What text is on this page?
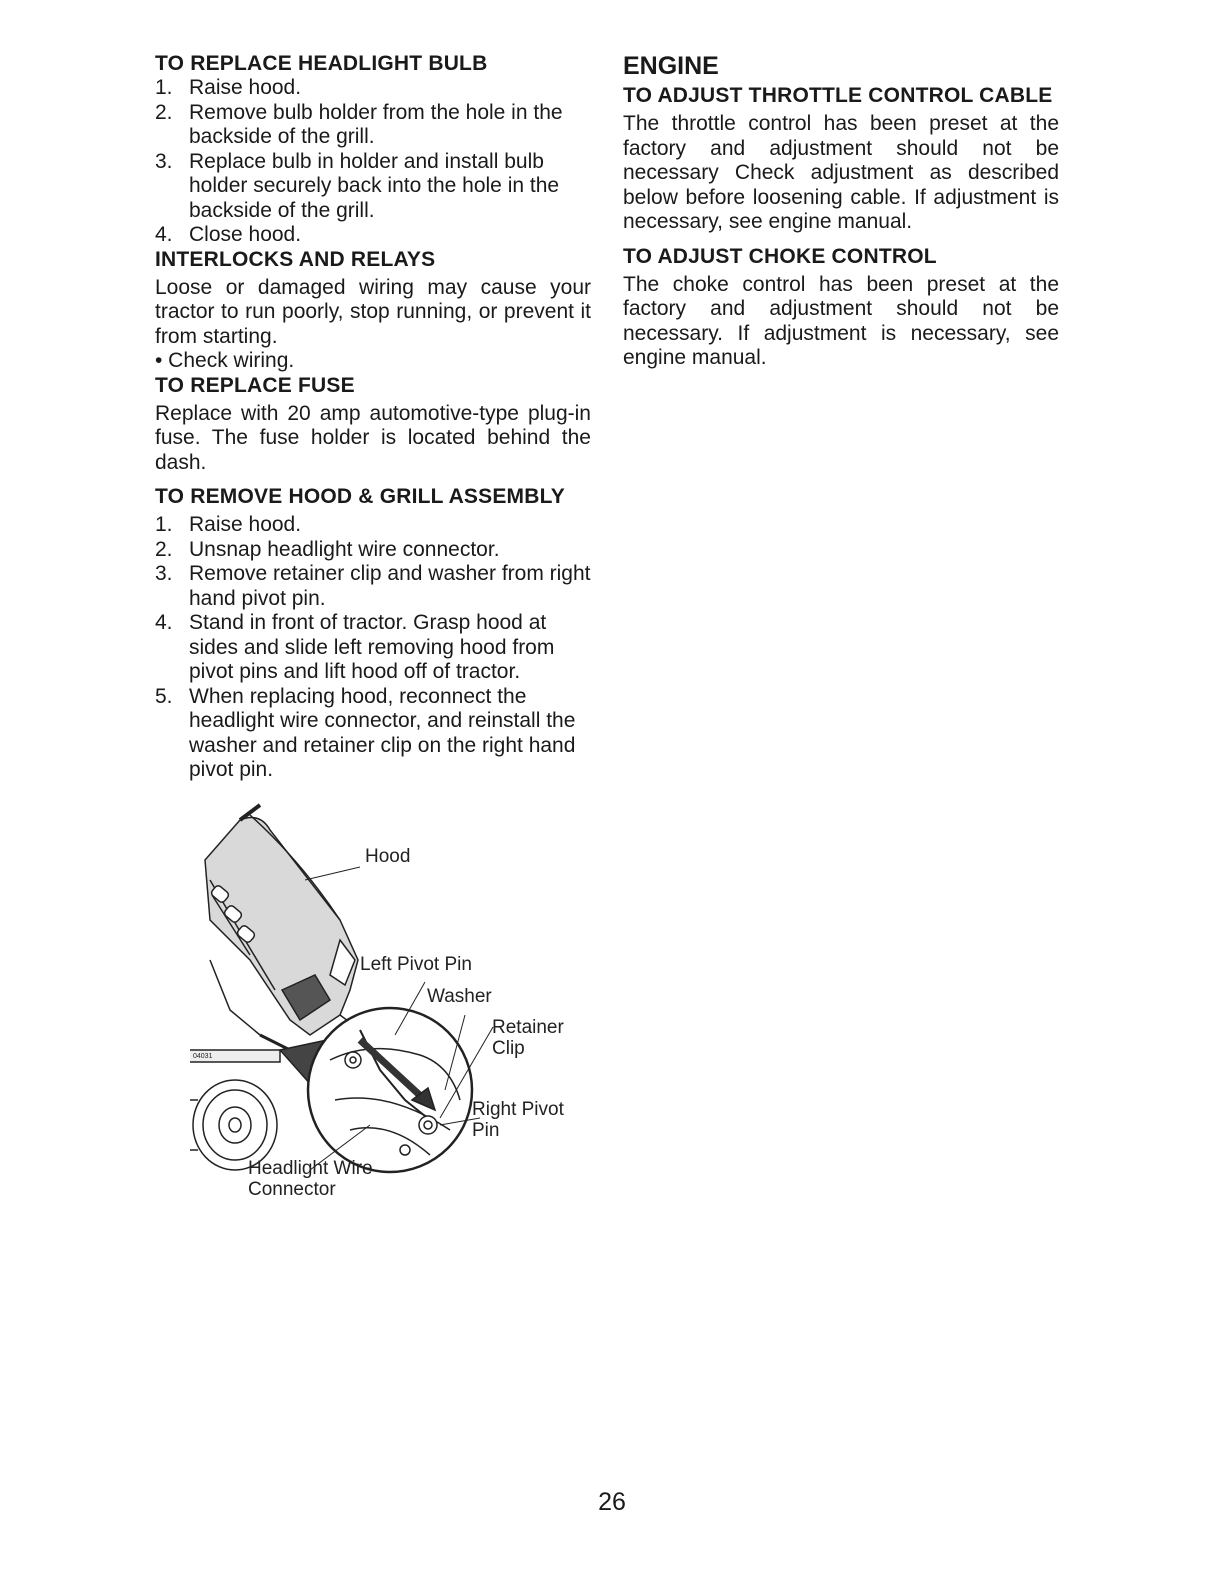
TO REPLACE HEADLIGHT BULB
1. Raise hood.
2. Remove bulb holder from the hole in the backside of the grill.
3. Replace bulb in holder and install bulb holder securely back into the hole in the backside of the grill.
4. Close hood.
INTERLOCKS AND RELAYS

Loose or damaged wiring may cause your tractor to run poorly, stop running, or prevent it from starting.

• Check wiring.
TO REPLACE FUSE

Replace with 20 amp automotive-type plug-in fuse. The fuse holder is located behind the dash.

TO REMOVE HOOD & GRILL ASSEMBLY
1. Raise hood.
2. Unsnap headlight wire connector.
3. Remove retainer clip and washer from right hand pivot pin.
4. Stand in front of tractor. Grasp hood at sides and slide left removing hood from pivot pins and lift hood off of tractor.
5. When replacing hood, reconnect the headlight wire connector, and reinstall the washer and retainer clip on the right hand pivot pin.
ENGINE
TO ADJUST THROTTLE CONTROL CABLE

The throttle control has been preset at the factory and adjustment should not be necessary Check adjustment as described below before loosening cable. If adjustment is necessary, see engine manual.

TO ADJUST CHOKE CONTROL

The choke control has been preset at the factory and adjustment should not be necessary. If adjustment is necessary, see engine manual.

04031
Hood
Left Pivot Pin
Washer
Retainer
Clip
Right Pivot
Pin
Headlight Wire
Connector
26
